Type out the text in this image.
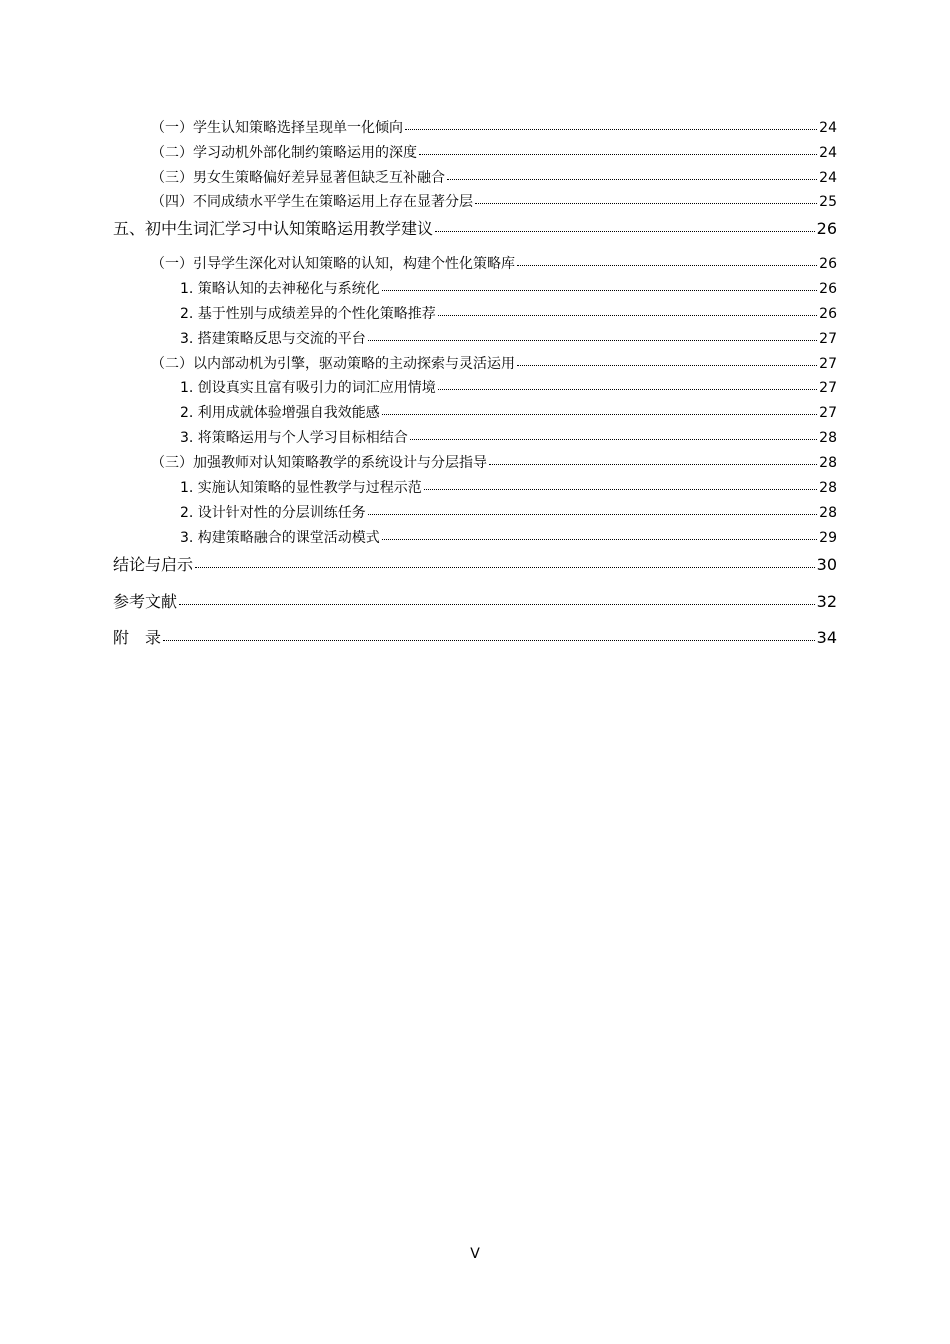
（一）学生认知策略选择呈现单一化倾向	24
（二）学习动机外部化制约策略运用的深度	24
（三）男女生策略偏好差异显著但缺乏互补融合	24
（四）不同成绩水平学生在策略运用上存在显著分层	25
五、初中生词汇学习中认知策略运用教学建议	26
（一）引导学生深化对认知策略的认知，构建个性化策略库	26
1. 策略认知的去神秘化与系统化	26
2. 基于性别与成绩差异的个性化策略推荐	26
3. 搭建策略反思与交流的平台	27
（二）以内部动机为引擎，驱动策略的主动探索与灵活运用	27
1. 创设真实且富有吸引力的词汇应用情境	27
2. 利用成就体验增强自我效能感	27
3. 将策略运用与个人学习目标相结合	28
（三）加强教师对认知策略教学的系统设计与分层指导	28
1. 实施认知策略的显性教学与过程示范	28
2. 设计针对性的分层训练任务	28
3. 构建策略融合的课堂活动模式	29
结论与启示	30
参考文献	32
附　录	34
V
